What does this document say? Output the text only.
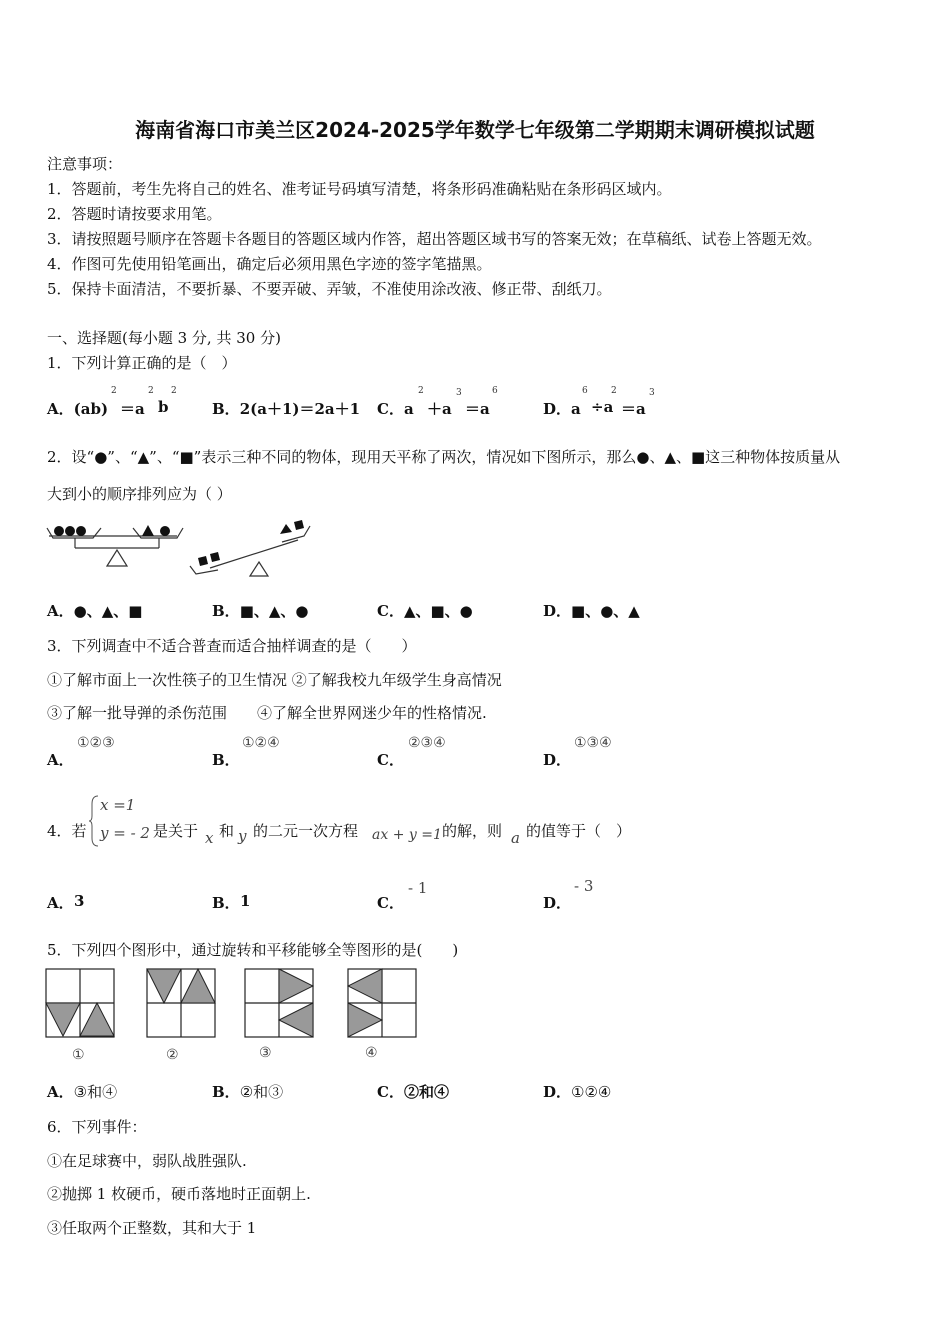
海南省海口市美兰区2024-2025学年数学七年级第二学期期末调研模拟试题
注意事项：
1．答题前，考生先将自己的姓名、准考证号码填写清楚，将条形码准确粘贴在条形码区域内。
2．答题时请按要求用笔。
3．请按照题号顺序在答题卡各题目的答题区域内作答，超出答题区域书写的答案无效；在草稿纸、试卷上答题无效。
4．作图可先使用铅笔画出，确定后必须用黑色字迹的签字笔描黑。
5．保持卡面清洁，不要折暴、不要弄破、弄皱，不准使用涂改液、修正带、刮纸刀。
一、选择题(每小题 3 分, 共 30 分)
1．下列计算正确的是（　）
A．(ab)
2
＝a
2
b
2
B．2(a＋1)＝2a＋1 C．a
2
＋a
3
＝a
6
D．a
6
÷a
2
＝a
3
2．设“●”、“▲”、“■”表示三种不同的物体，现用天平称了两次，情况如下图所示，那么●、▲、■这三种物体按质量从
大到小的顺序排列应为（ ）
A．●、▲、■	B．■、▲、●	C．▲、■、●	D．■、●、▲
3．下列调查中不适合普查而适合抽样调查的是（　　）
①了解市面上一次性筷子的卫生情况 ②了解我校九年级学生身高情况
③了解一批导弹的杀伤范围　　④了解全世界网迷少年的性格情况.
A．
①②③
B．
①②④
C．
②③④
D．
①③④
4．若
x =1
y = - 2 是关于 x 和 y 的二元一次方程 ax + y =1 的解，则 a 的值等于（　）
A． 3	B． 1	C．
- 1
D．
- 3
5．下列四个图形中，通过旋转和平移能够全等图形的是(　　)
①	②	③	④
A．③和④	B．②和③	C．②和④	D．①②④
6．下列事件：
①在足球赛中，弱队战胜强队.
②抛掷 1 枚硬币，硬币落地时正面朝上.
③任取两个正整数，其和大于 1
